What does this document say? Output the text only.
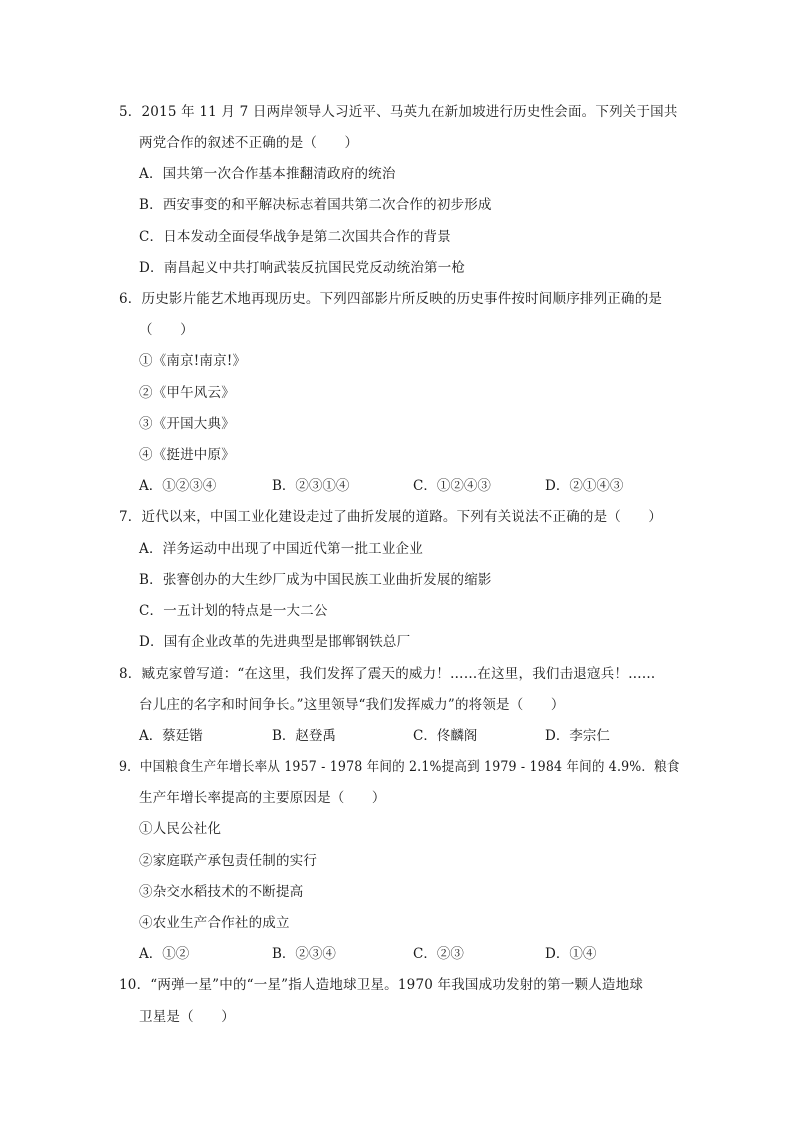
5．2015 年 11 月 7 日两岸领导人习近平、马英九在新加坡进行历史性会面。下列关于国共
两党合作的叙述不正确的是（　　）
A．国共第一次合作基本推翻清政府的统治
B．西安事变的和平解决标志着国共第二次合作的初步形成
C．日本发动全面侵华战争是第二次国共合作的背景
D．南昌起义中共打响武装反抗国民党反动统治第一枪
6．历史影片能艺术地再现历史。下列四部影片所反映的历史事件按时间顺序排列正确的是
（　　）
①《南京!南京!》
②《甲午风云》
③《开国大典》
④《挺进中原》
A．①②③④	B．②③①④	C．①②④③	D．②①④③
7．近代以来，中国工业化建设走过了曲折发展的道路。下列有关说法不正确的是（　　）
A．洋务运动中出现了中国近代第一批工业企业
B．张謇创办的大生纱厂成为中国民族工业曲折发展的缩影
C．一五计划的特点是一大二公
D．国有企业改革的先进典型是邯郸钢铁总厂
8．臧克家曾写道：“在这里，我们发挥了震天的威力！……在这里，我们击退寇兵！……
台儿庄的名字和时间争长。”这里领导“我们发挥威力”的将领是（　　）
A．蔡廷锴	B．赵登禹	C．佟麟阁	D．李宗仁
9．中国粮食生产年增长率从 1957 - 1978 年间的 2.1%提高到 1979 - 1984 年间的 4.9%．粮食
生产年增长率提高的主要原因是（　　）
①人民公社化
②家庭联产承包责任制的实行
③杂交水稻技术的不断提高
④农业生产合作社的成立
A．①②	B．②③④	C．②③	D．①④
10．“两弹一星”中的“一星”指人造地球卫星。1970 年我国成功发射的第一颗人造地球
卫星是（　　）
